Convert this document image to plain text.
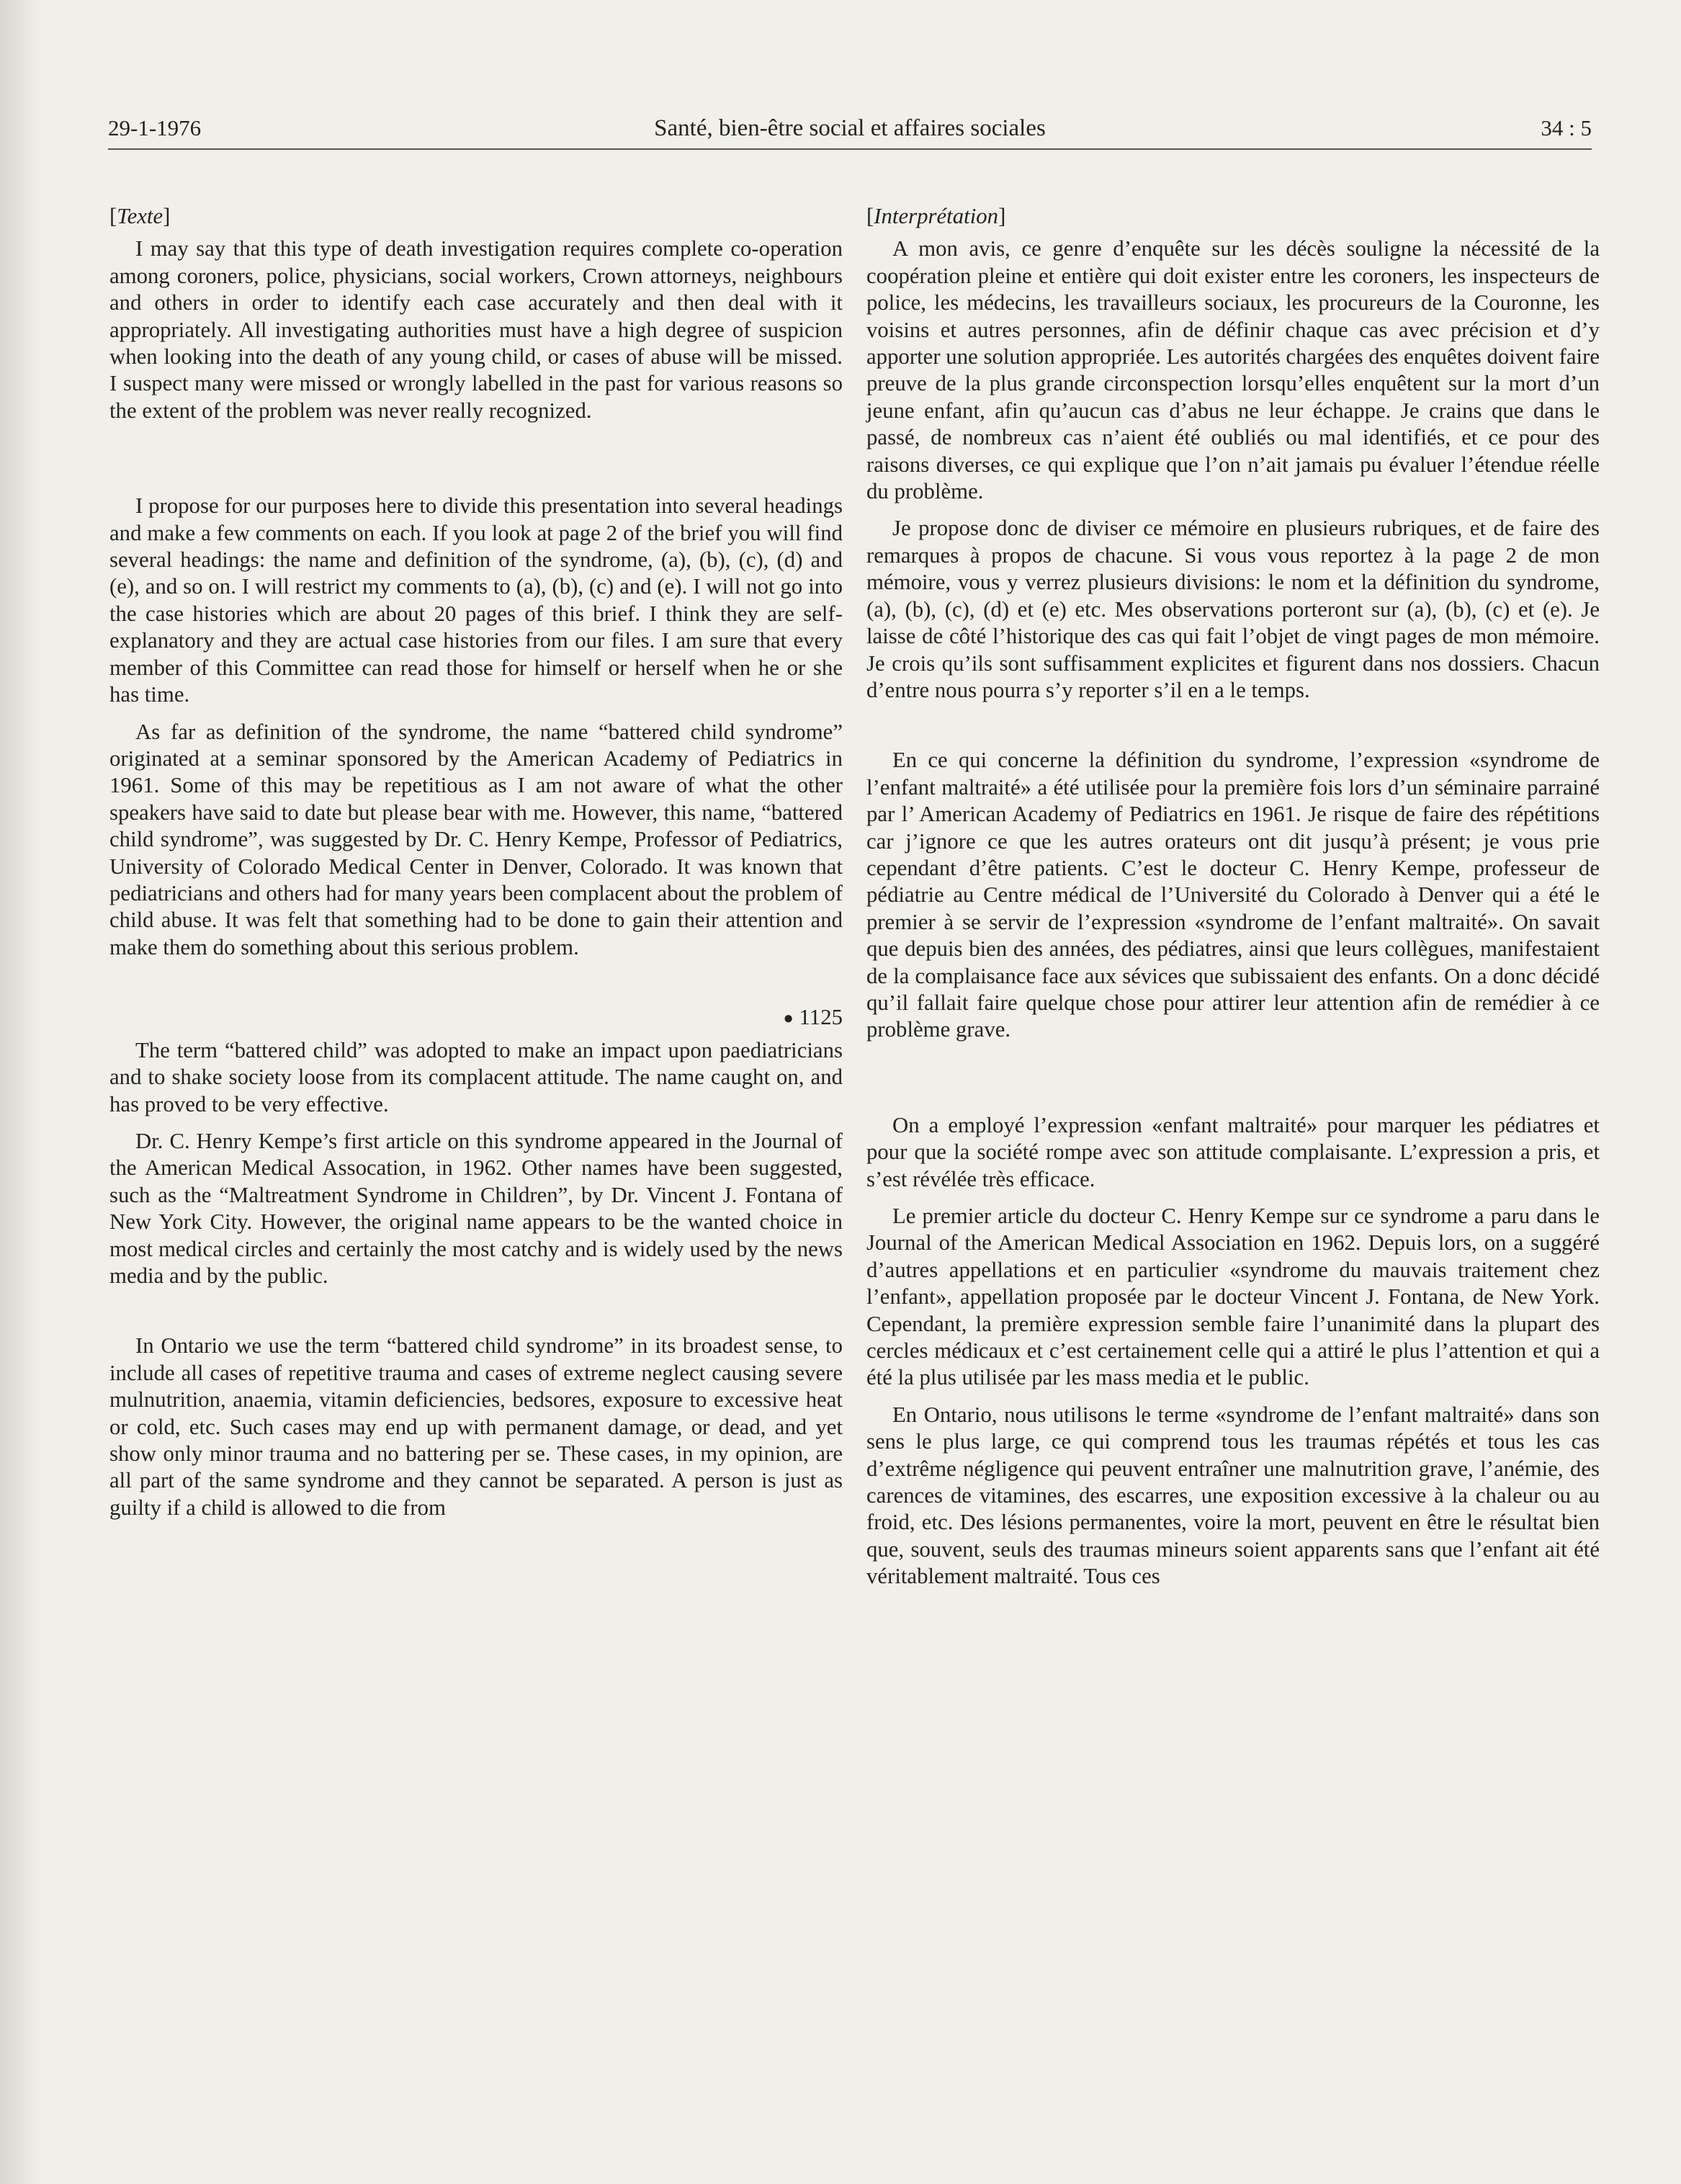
29-1-1976	Santé, bien-être social et affaires sociales	34 : 5
[Texte]

I may say that this type of death investigation requires complete co-operation among coroners, police, physicians, social workers, Crown attorneys, neighbours and others in order to identify each case accurately and then deal with it appropriately. All investigating authorities must have a high degree of suspicion when looking into the death of any young child, or cases of abuse will be missed. I suspect many were missed or wrongly labelled in the past for various reasons so the extent of the problem was never really recognized.

I propose for our purposes here to divide this presentation into several headings and make a few comments on each. If you look at page 2 of the brief you will find several headings: the name and definition of the syndrome, (a), (b), (c), (d) and (e), and so on. I will restrict my comments to (a), (b), (c) and (e). I will not go into the case histories which are about 20 pages of this brief. I think they are self-explanatory and they are actual case histories from our files. I am sure that every member of this Committee can read those for himself or herself when he or she has time.

As far as definition of the syndrome, the name “battered child syndrome” originated at a seminar sponsored by the American Academy of Pediatrics in 1961. Some of this may be repetitious as I am not aware of what the other speakers have said to date but please bear with me. However, this name, “battered child syndrome”, was suggested by Dr. C. Henry Kempe, Professor of Pediatrics, University of Colorado Medical Center in Denver, Colorado. It was known that pediatricians and others had for many years been complacent about the problem of child abuse. It was felt that something had to be done to gain their attention and make them do something about this serious problem.

● 1125

The term “battered child” was adopted to make an impact upon paediatricians and to shake society loose from its complacent attitude. The name caught on, and has proved to be very effective.

Dr. C. Henry Kempe’s first article on this syndrome appeared in the Journal of the American Medical Assocation, in 1962. Other names have been suggested, such as the “Maltreatment Syndrome in Children”, by Dr. Vincent J. Fontana of New York City. However, the original name appears to be the wanted choice in most medical circles and certainly the most catchy and is widely used by the news media and by the public.

In Ontario we use the term “battered child syndrome” in its broadest sense, to include all cases of repetitive trauma and cases of extreme neglect causing severe mulnutrition, anaemia, vitamin deficiencies, bedsores, exposure to excessive heat or cold, etc. Such cases may end up with permanent damage, or dead, and yet show only minor trauma and no battering per se. These cases, in my opinion, are all part of the same syndrome and they cannot be separated. A person is just as guilty if a child is allowed to die from

[Interprétation]

A mon avis, ce genre d’enquête sur les décès souligne la nécessité de la coopération pleine et entière qui doit exister entre les coroners, les inspecteurs de police, les médecins, les travailleurs sociaux, les procureurs de la Couronne, les voisins et autres personnes, afin de définir chaque cas avec précision et d’y apporter une solution appropriée. Les autorités chargées des enquêtes doivent faire preuve de la plus grande circonspection lorsqu’elles enquêtent sur la mort d’un jeune enfant, afin qu’aucun cas d’abus ne leur échappe. Je crains que dans le passé, de nombreux cas n’aient été oubliés ou mal identifiés, et ce pour des raisons diverses, ce qui explique que l’on n’ait jamais pu évaluer l’étendue réelle du problème.

Je propose donc de diviser ce mémoire en plusieurs rubriques, et de faire des remarques à propos de chacune. Si vous vous reportez à la page 2 de mon mémoire, vous y verrez plusieurs divisions: le nom et la définition du syndrome, (a), (b), (c), (d) et (e) etc. Mes observations porteront sur (a), (b), (c) et (e). Je laisse de côté l’historique des cas qui fait l’objet de vingt pages de mon mémoire. Je crois qu’ils sont suffisamment explicites et figurent dans nos dossiers. Chacun d’entre nous pourra s’y reporter s’il en a le temps.

En ce qui concerne la définition du syndrome, l’expression «syndrome de l’enfant maltraité» a été utilisée pour la première fois lors d’un séminaire parrainé par l’ American Academy of Pediatrics en 1961. Je risque de faire des répétitions car j’ignore ce que les autres orateurs ont dit jusqu’à présent; je vous prie cependant d’être patients. C’est le docteur C. Henry Kempe, professeur de pédiatrie au Centre médical de l’Université du Colorado à Denver qui a été le premier à se servir de l’expression «syndrome de l’enfant maltraité». On savait que depuis bien des années, des pédiatres, ainsi que leurs collègues, manifestaient de la complaisance face aux sévices que subissaient des enfants. On a donc décidé qu’il fallait faire quelque chose pour attirer leur attention afin de remédier à ce problème grave.

On a employé l’expression «enfant maltraité» pour marquer les pédiatres et pour que la société rompe avec son attitude complaisante. L’expression a pris, et s’est révélée très efficace.

Le premier article du docteur C. Henry Kempe sur ce syndrome a paru dans le Journal of the American Medical Association en 1962. Depuis lors, on a suggéré d’autres appellations et en particulier «syndrome du mauvais traitement chez l’enfant», appellation proposée par le docteur Vincent J. Fontana, de New York. Cependant, la première expression semble faire l’unanimité dans la plupart des cercles médicaux et c’est certainement celle qui a attiré le plus l’attention et qui a été la plus utilisée par les mass media et le public.

En Ontario, nous utilisons le terme «syndrome de l’enfant maltraité» dans son sens le plus large, ce qui comprend tous les traumas répétés et tous les cas d’extrême négligence qui peuvent entraîner une malnutrition grave, l’anémie, des carences de vitamines, des escarres, une exposition excessive à la chaleur ou au froid, etc. Des lésions permanentes, voire la mort, peuvent en être le résultat bien que, souvent, seuls des traumas mineurs soient apparents sans que l’enfant ait été véritablement maltraité. Tous ces
